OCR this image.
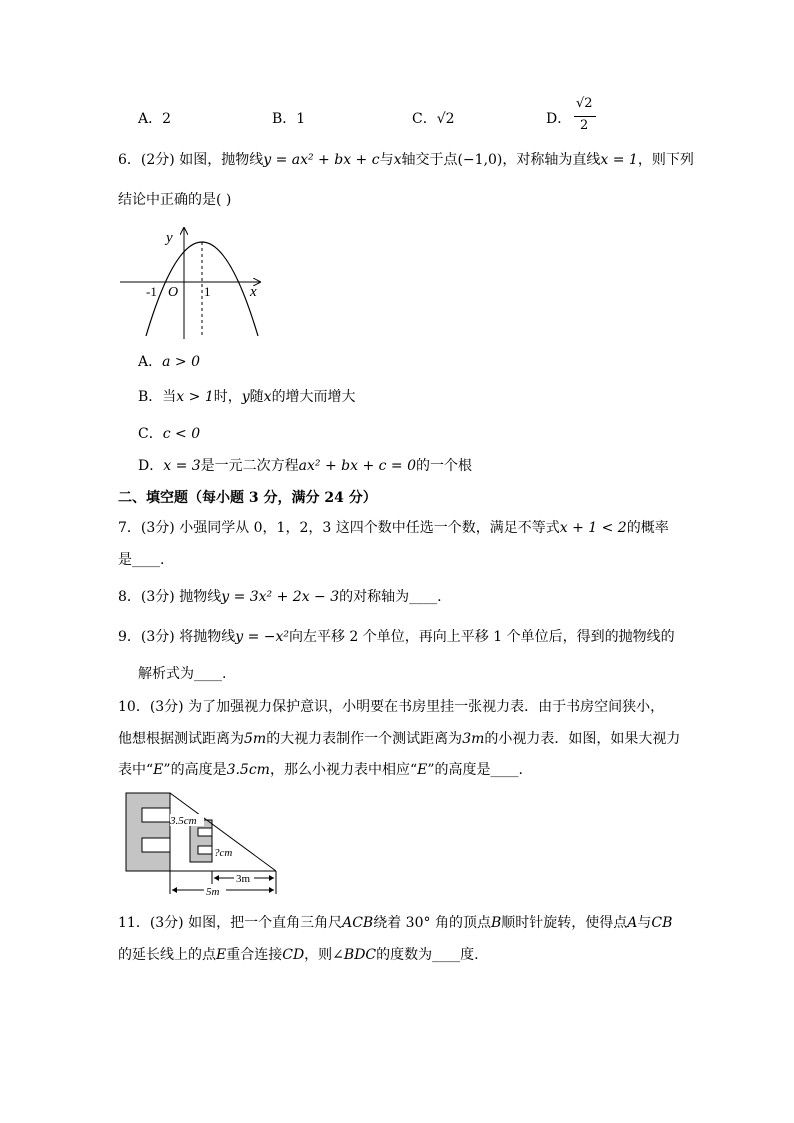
A．2	B．1	C．√2	D．
√2
2
6．(2分) 如图，抛物线y = ax² + bx + c与x轴交于点(−1,0)，对称轴为直线x = 1，则下列
结论中正确的是( )
y
x
O
-1	1
A．a > 0
B．当x > 1时，y随x的增大而增大
C．c < 0
D．x = 3是一元二次方程ax² + bx + c = 0的一个根
二、填空题（每小题 3 分，满分 24 分）
7．(3分) 小强同学从 0，1，2，3 这四个数中任选一个数，满足不等式x + 1 < 2的概率
是____.
8．(3分) 抛物线y = 3x² + 2x − 3的对称轴为____.
9．(3分) 将抛物线y = −x²向左平移 2 个单位，再向上平移 1 个单位后，得到的抛物线的
解析式为____.
10．(3分) 为了加强视力保护意识，小明要在书房里挂一张视力表．由于书房空间狭小，
他想根据测试距离为5m的大视力表制作一个测试距离为3m的小视力表．如图，如果大视力
表中“E”的高度是3.5cm，那么小视力表中相应“E”的高度是____.
3.5cm
?cm
3m
5m
11．(3分) 如图，把一个直角三角尺ACB绕着 30° 角的顶点B顺时针旋转，使得点A与CB
的延长线上的点E重合连接CD，则∠BDC的度数为____度.
